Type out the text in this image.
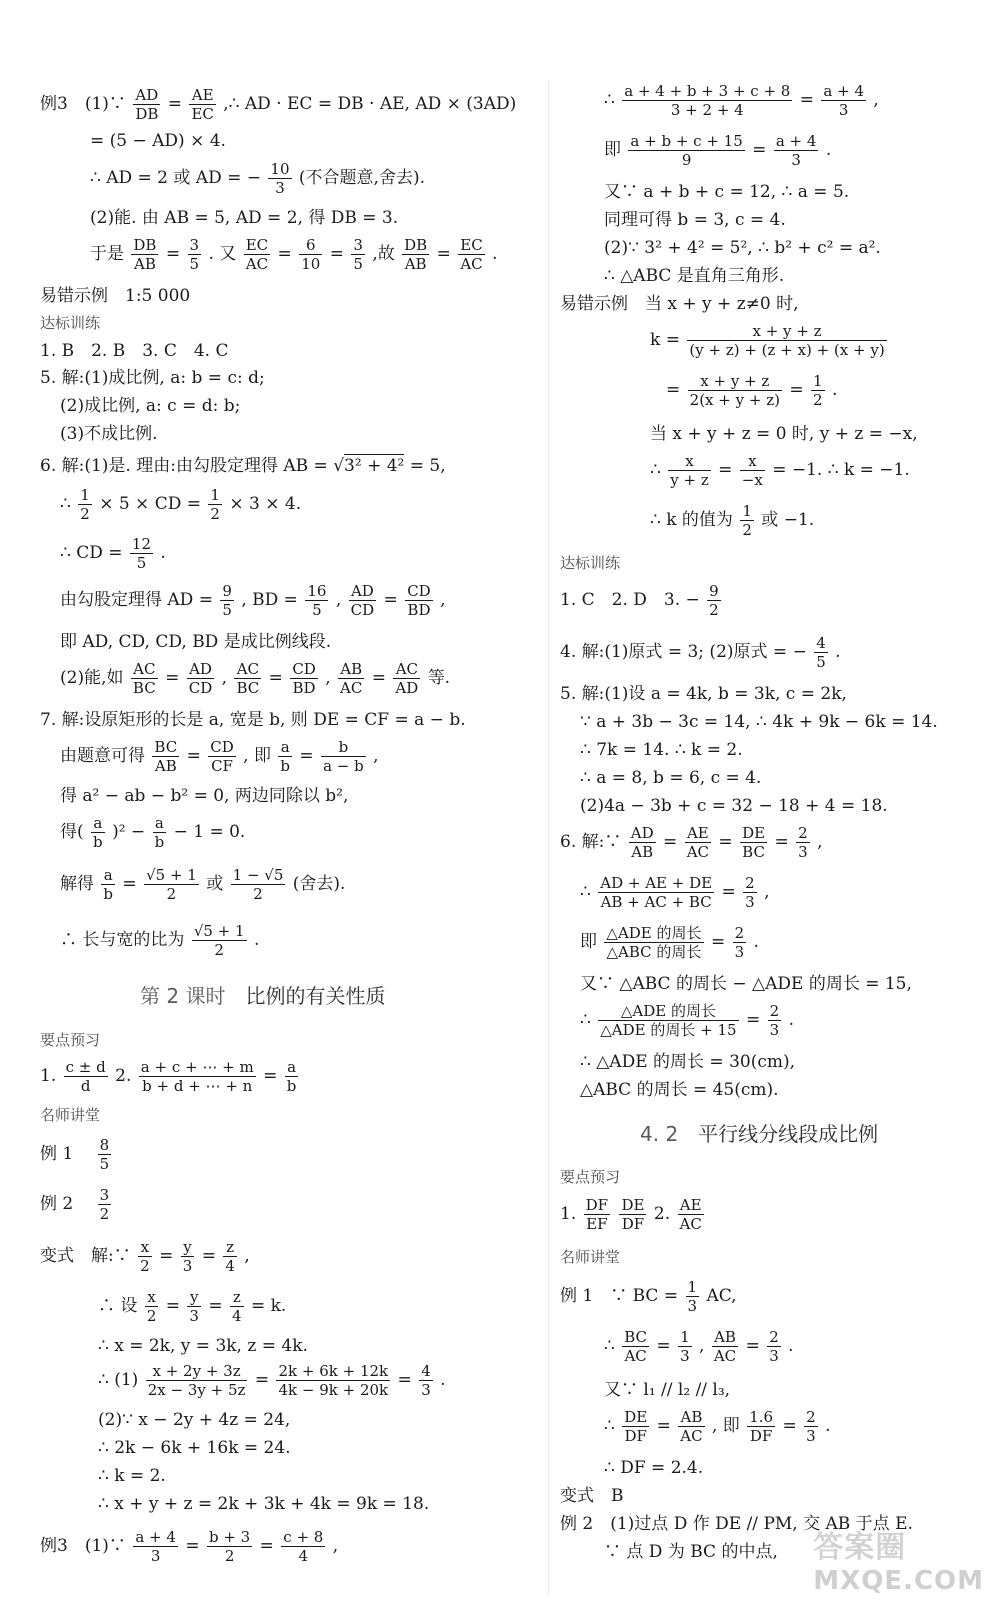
例3　(1)∵ $\frac{AD}{DB} = \frac{AE}{EC}$ ,∴ AD · EC = DB · AE, AD × (3AD)
= (5 − AD) × 4.
∴ AD = 2 或 AD = − $\frac{10}{3}$ (不合题意,舍去).
(2)能. 由 AB = 5, AD = 2, 得 DB = 3.
于是 $\frac{DB}{AB} = \frac{3}{5}$ . 又 $\frac{EC}{AC} = \frac{6}{10} = \frac{3}{5}$ ,故 $\frac{DB}{AB} = \frac{EC}{AC}$ .
易错示例　1:5 000
达标训练
1. B　2. B　3. C　4. C
5. 解:(1)成比例, a: b = c: d;
(2)成比例, a: c = d: b;
(3)不成比例.
6. 解:(1)是. 理由:由勾股定理得 AB = √3² + 4² = 5,
∴ $\frac{1}{2} \times 5$ × CD = $\frac{1}{2} \times 3 \times 4$.
∴ CD = $\frac{12}{5}$ .
由勾股定理得 AD = $\frac{9}{5}$ , BD = $\frac{16}{5}$ , $\frac{AD}{CD} = \frac{CD}{BD}$ ,
即 AD, CD, CD, BD 是成比例线段.
(2)能,如 $\frac{AC}{BC} = \frac{AD}{CD}$ , $\frac{AC}{BC} = \frac{CD}{BD}$ , $\frac{AB}{AC} = \frac{AC}{AD}$ 等.
7. 解:设原矩形的长是 a, 宽是 b, 则 DE = CF = a − b.
由题意可得 $\frac{BC}{AB} = \frac{CD}{CF}$ , 即 $\frac{a}{b} = \frac{b}{a - b}$ ,
得 a² − ab − b² = 0, 两边同除以 b²,
得( $\frac{a}{b} )^2 - \frac{a}{b} - 1 = 0$.
解得 $\frac{a}{b} = \frac{√5 + 1}{2}$ 或 $\frac{1 - √5}{2}$ (舍去).
∴ 长与宽的比为 $\frac{√5 + 1}{2}$ .
第 2 课时　 比例的有关性质
要点预习
1. $\frac{c \pm d}{d} 2$. $\frac{a + c + \cdots + m}{b + d + \cdots + n} = \frac{a}{b}$
名师讲堂
例 1　 $\frac{8}{5}$
例 2　 $\frac{3}{2}$
变式　解:∵ $\frac{x}{2} = \frac{y}{3} = \frac{z}{4}$ ,
∴ 设 $\frac{x}{2} = \frac{y}{3} = \frac{z}{4} = k$.
∴ x = 2k, y = 3k, z = 4k.
∴ $(1) \frac{x + 2y + 3z}{2x - 3y + 5z} = \frac{2k + 6k + 12k}{4k - 9k + 20k} = \frac{4}{3}$ .
(2)∵ x − 2y + 4z = 24,
∴ 2k − 6k + 16k = 24.
∴ k = 2.
∴ x + y + z = 2k + 3k + 4k = 9k = 18.
例3　(1)∵ $\frac{a + 4}{3} = \frac{b + 3}{2} = \frac{c + 8}{4}$ ,
∴ $\frac{a + 4 + b + 3 + c + 8}{3 + 2 + 4} = \frac{a + 4}{3}$ ,
即 $\frac{a + b + c + 15}{9} = \frac{a + 4}{3}$ .
又∵ a + b + c = 12, ∴ a = 5.
同理可得 b = 3, c = 4.
(2)∵ 3² + 4² = 5², ∴ b² + c² = a².
∴ △ABC 是直角三角形.
易错示例　当 x + y + z≠0 时,
$k = \frac{x + y + z}{(y + z) + (z + x) + (x + y)}$
= $\frac{x + y + z}{2(x + y + z)} = \frac{1}{2}$ .
当 x + y + z = 0 时, y + z = −x,
∴ $\frac{x}{y + z} = \frac{x}{-x} = -1$. ∴ k = −1.
∴ k 的值为 $\frac{1}{2}$ 或 −1.
达标训练
1. C　2. D　3. − $\frac{9}{2}$
4. 解:(1)原式 = 3; (2)原式 = − $\frac{4}{5}$ .
5. 解:(1)设 a = 4k, b = 3k, c = 2k,
∵ a + 3b − 3c = 14, ∴ 4k + 9k − 6k = 14.
∴ 7k = 14. ∴ k = 2.
∴ a = 8, b = 6, c = 4.
(2)4a − 3b + c = 32 − 18 + 4 = 18.
6. 解:∵ $\frac{AD}{AB} = \frac{AE}{AC} = \frac{DE}{BC} = \frac{2}{3}$ ,
∴ $\frac{AD + AE + DE}{AB + AC + BC} = \frac{2}{3}$ ,
即 $\frac{\text{△ADE 的周长}}{\text{△ABC 的周长}} = \frac{2}{3}$ .
又∵ △ABC 的周长 − △ADE 的周长 = 15,
∴ $\frac{\text{△ADE 的周长}}{\text{△ADE 的周长 + 15}} = \frac{2}{3}$ .
∴ △ADE 的周长 = 30(cm),
△ABC 的周长 = 45(cm).
4. 2　 平行线分线段成比例
要点预习
1. $\frac{DF}{EF}$
$\frac{DE}{DF} 2$. $\frac{AE}{AC}$
名师讲堂
例 1　∵ BC = $\frac{1}{3}$ AC,
∴ $\frac{BC}{AC} = \frac{1}{3}$ , $\frac{AB}{AC} = \frac{2}{3}$ .
又∵ l₁ // l₂ // l₃,
∴ $\frac{DE}{DF} = \frac{AB}{AC}$ , 即 $\frac{1.6}{DF} = \frac{2}{3}$ .
∴ DF = 2.4.
变式　B
例 2　(1)过点 D 作 DE // PM, 交 AB 于点 E.
∵ 点 D 为 BC 的中点, 答案圈
MXQE.COM
